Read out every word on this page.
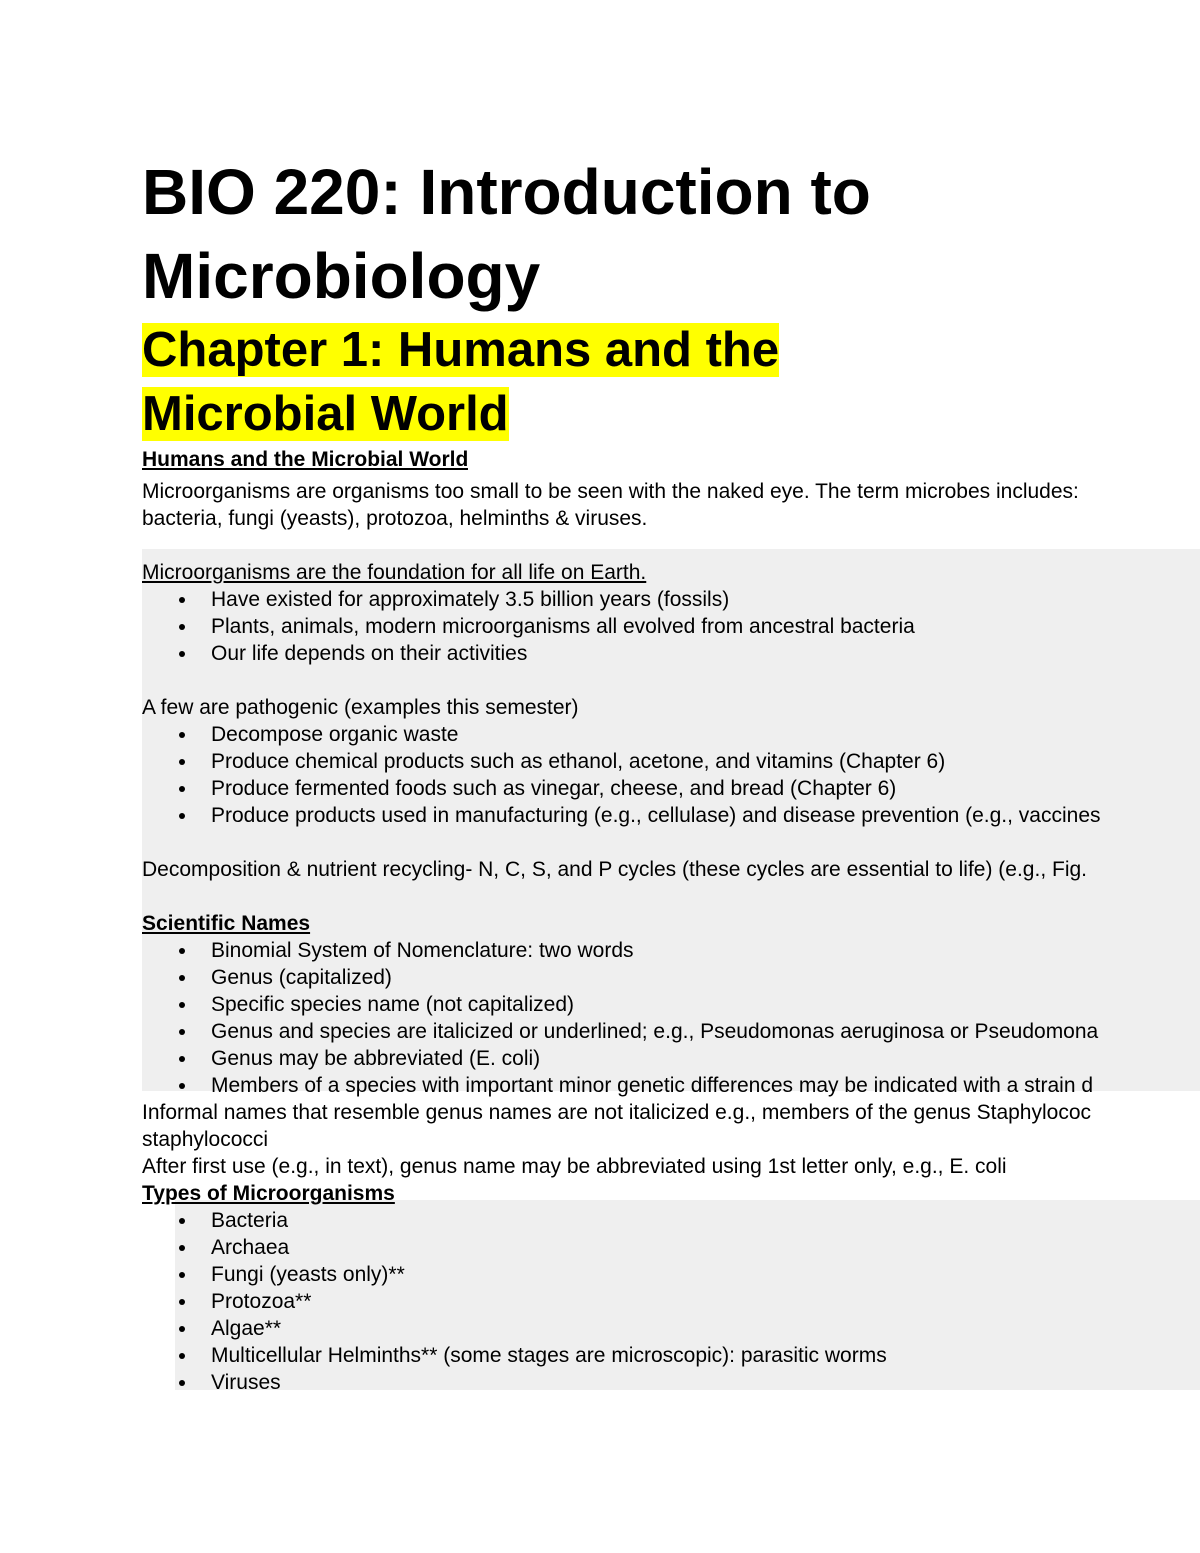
BIO 220: Introduction to Microbiology
Chapter 1: Humans and the Microbial World

Humans and the Microbial World

Microorganisms are organisms too small to be seen with the naked eye. The term microbes includes:

bacteria, fungi (yeasts), protozoa, helminths & viruses.

Microorganisms are the foundation for all life on Earth.

Have existed for approximately 3.5 billion years (fossils)
Plants, animals, modern microorganisms all evolved from ancestral bacteria
Our life depends on their activities

A few are pathogenic (examples this semester)

Decompose organic waste
Produce chemical products such as ethanol, acetone, and vitamins (Chapter 6)
Produce fermented foods such as vinegar, cheese, and bread (Chapter 6)
Produce products used in manufacturing (e.g., cellulase) and disease prevention (e.g., vaccines

Decomposition & nutrient recycling- N, C, S, and P cycles (these cycles are essential to life) (e.g., Fig.

Scientific Names

Binomial System of Nomenclature: two words
Genus (capitalized)
Specific species name (not capitalized)
Genus and species are italicized or underlined; e.g., Pseudomonas aeruginosa or Pseudomona
Genus may be abbreviated (E. coli)
Members of a species with important minor genetic differences may be indicated with a strain d

Informal names that resemble genus names are not italicized e.g., members of the genus Staphylococ

staphylococci

After first use (e.g., in text), genus name may be abbreviated using 1st letter only, e.g., E. coli

Types of Microorganisms

Bacteria
Archaea
Fungi (yeasts only)**
Protozoa**
Algae**
Multicellular Helminths** (some stages are microscopic): parasitic worms
Viruses
